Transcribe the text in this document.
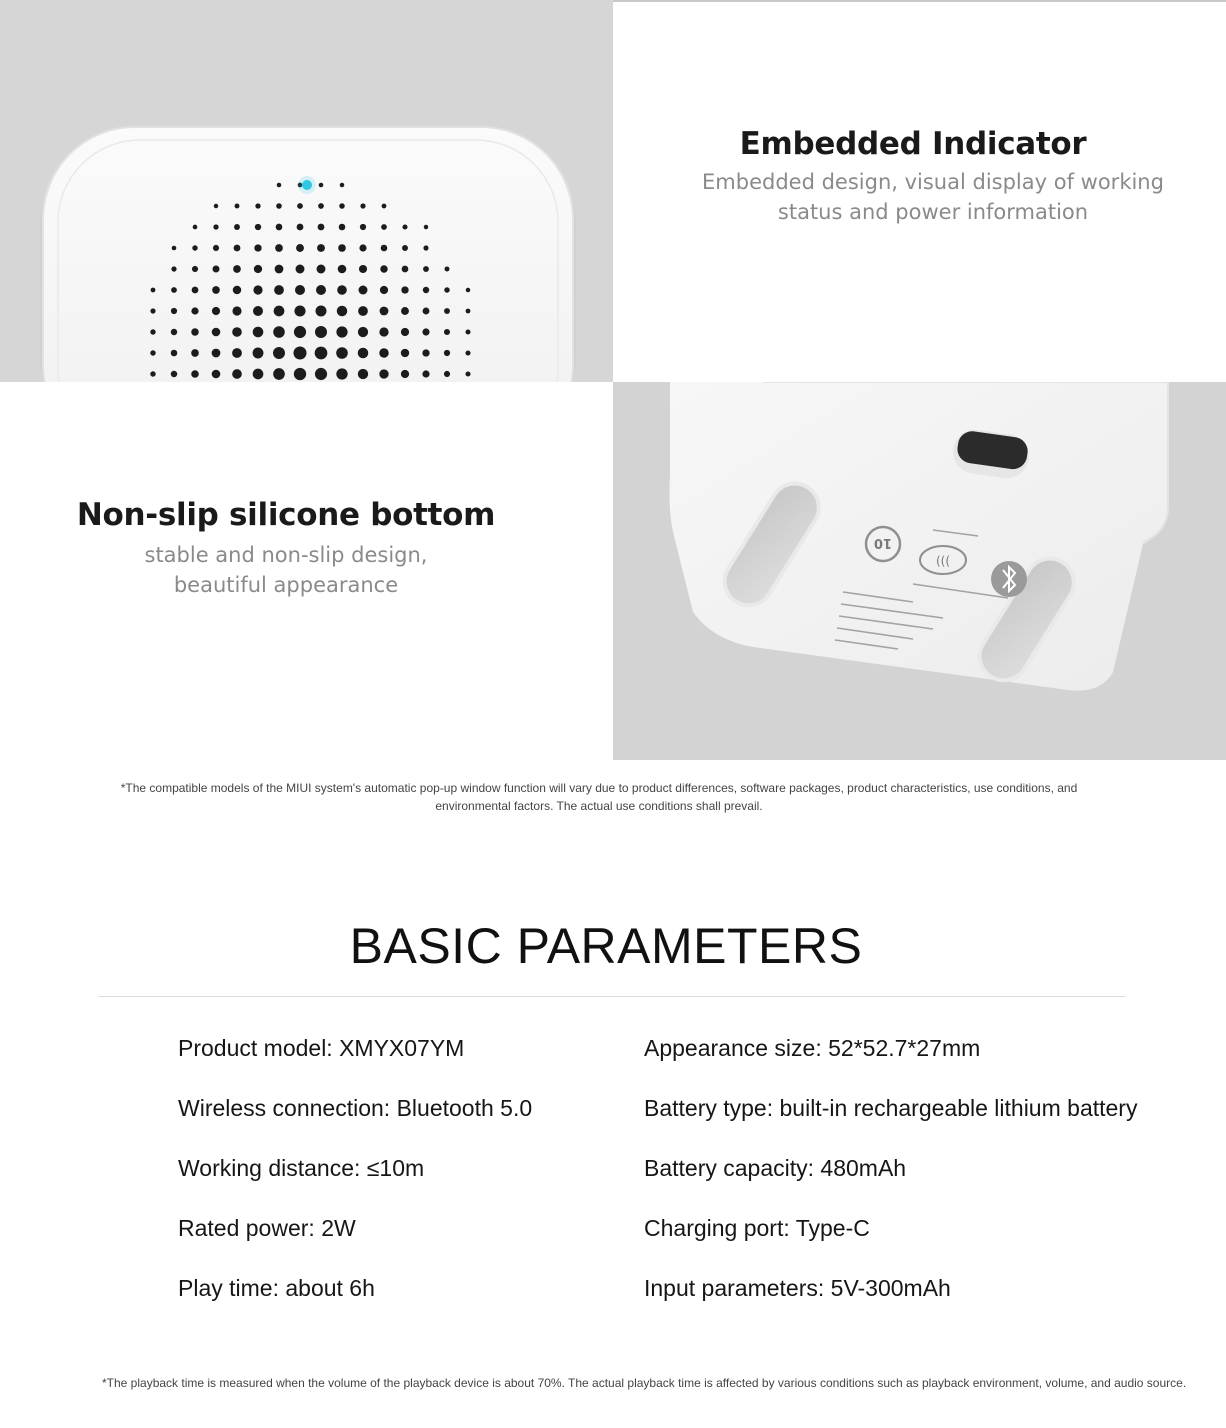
Embedded Indicator
Embedded design, visual display of working
status and power information
Non-slip silicone bottom
stable and non-slip design,
beautiful appearance
10
(((
*The compatible models of the MIUI system's automatic pop-up window function will vary due to product differences, software packages, product characteristics, use conditions, and
environmental factors. The actual use conditions shall prevail.
BASIC PARAMETERS
Product model: XMYX07YM
Wireless connection: Bluetooth 5.0
Working distance: ≤10m
Rated power: 2W
Play time: about 6h
Appearance size: 52*52.7*27mm
Battery type: built-in rechargeable lithium battery
Battery capacity: 480mAh
Charging port: Type-C
Input parameters: 5V-300mAh
*The playback time is measured when the volume of the playback device is about 70%. The actual playback time is affected by various conditions such as playback environment, volume, and audio source.
